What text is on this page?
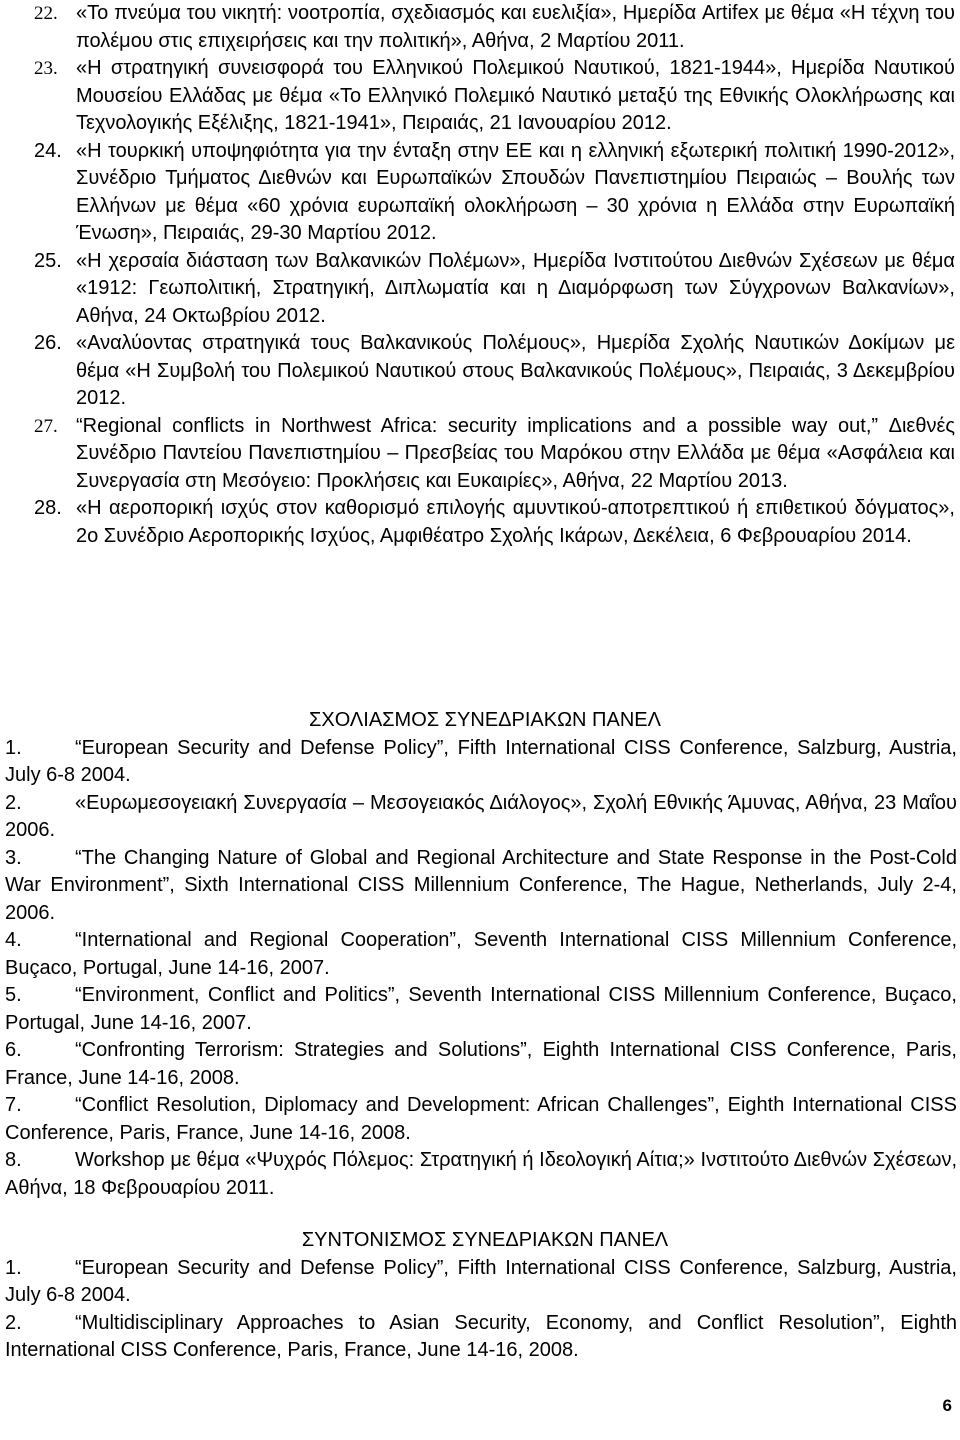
22. «Το πνεύμα του νικητή: νοοτροπία, σχεδιασμός και ευελιξία», Ημερίδα Artifex με θέμα «Η τέχνη του πολέμου στις επιχειρήσεις και την πολιτική», Αθήνα, 2 Μαρτίου 2011.
23. «Η στρατηγική συνεισφορά του Ελληνικού Πολεμικού Ναυτικού, 1821-1944», Ημερίδα Ναυτικού Μουσείου Ελλάδας με θέμα «Το Ελληνικό Πολεμικό Ναυτικό μεταξύ της Εθνικής Ολοκλήρωσης και Τεχνολογικής Εξέλιξης, 1821-1941», Πειραιάς, 21 Ιανουαρίου 2012.
24. «Η τουρκική υποψηφιότητα για την ένταξη στην ΕΕ και η ελληνική εξωτερική πολιτική 1990-2012», Συνέδριο Τμήματος Διεθνών και Ευρωπαϊκών Σπουδών Πανεπιστημίου Πειραιώς – Βουλής των Ελλήνων με θέμα «60 χρόνια ευρωπαϊκή ολοκλήρωση – 30 χρόνια η Ελλάδα στην Ευρωπαϊκή Ένωση», Πειραιάς, 29-30 Μαρτίου 2012.
25. «Η χερσαία διάσταση των Βαλκανικών Πολέμων», Ημερίδα Ινστιτούτου Διεθνών Σχέσεων με θέμα «1912: Γεωπολιτική, Στρατηγική, Διπλωματία και η Διαμόρφωση των Σύγχρονων Βαλκανίων», Αθήνα, 24 Οκτωβρίου 2012.
26. «Αναλύοντας στρατηγικά τους Βαλκανικούς Πολέμους», Ημερίδα Σχολής Ναυτικών Δοκίμων με θέμα «Η Συμβολή του Πολεμικού Ναυτικού στους Βαλκανικούς Πολέμους», Πειραιάς, 3 Δεκεμβρίου 2012.
27. “Regional conflicts in Northwest Africa: security implications and a possible way out,” Διεθνές Συνέδριο Παντείου Πανεπιστημίου – Πρεσβείας του Μαρόκου στην Ελλάδα με θέμα «Ασφάλεια και Συνεργασία στη Μεσόγειο: Προκλήσεις και Ευκαιρίες», Αθήνα, 22 Μαρτίου 2013.
28. «Η αεροπορική ισχύς στον καθορισμό επιλογής αμυντικού-αποτρεπτικού ή επιθετικού δόγματος», 2ο Συνέδριο Αεροπορικής Ισχύος, Αμφιθέατρο Σχολής Ικάρων, Δεκέλεια, 6 Φεβρουαρίου 2014.
ΣΧΟΛΙΑΣΜΟΣ ΣΥΝΕΔΡΙΑΚΩΝ ΠΑΝΕΛ
1.	“European Security and Defense Policy”, Fifth International CISS Conference, Salzburg, Austria, July 6-8 2004.
2.	«Ευρωμεσογειακή Συνεργασία – Μεσογειακός Διάλογος», Σχολή Εθνικής Άμυνας, Αθήνα, 23 Μαΐου 2006.
3.	“The Changing Nature of Global and Regional Architecture and State Response in the Post-Cold War Environment”, Sixth International CISS Millennium Conference, The Hague, Netherlands, July 2-4, 2006.
4.	“International and Regional Cooperation”, Seventh International CISS Millennium Conference, Buçaco, Portugal, June 14-16, 2007.
5.	“Environment, Conflict and Politics”, Seventh International CISS Millennium Conference, Buçaco, Portugal, June 14-16, 2007.
6.	“Confronting Terrorism: Strategies and Solutions”, Eighth International CISS Conference, Paris, France, June 14-16, 2008.
7.	“Conflict Resolution, Diplomacy and Development: African Challenges”, Eighth International CISS Conference, Paris, France, June 14-16, 2008.
8.	Workshop με θέμα «Ψυχρός Πόλεμος: Στρατηγική ή Ιδεολογική Αίτια;» Ινστιτούτο Διεθνών Σχέσεων, Αθήνα, 18 Φεβρουαρίου 2011.
ΣΥΝΤΟΝΙΣΜΟΣ ΣΥΝΕΔΡΙΑΚΩΝ ΠΑΝΕΛ
1.	“European Security and Defense Policy”, Fifth International CISS Conference, Salzburg, Austria, July 6-8 2004.
2.	“Multidisciplinary Approaches to Asian Security, Economy, and Conflict Resolution”, Eighth International CISS Conference, Paris, France, June 14-16, 2008.
6
